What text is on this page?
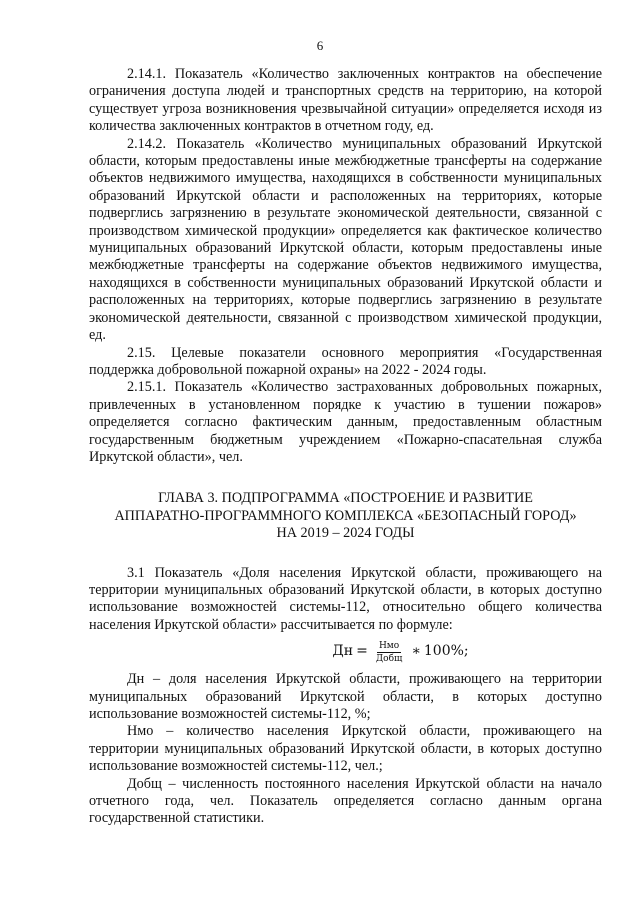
6

2.14.1. Показатель «Количество заключенных контрактов на обеспечение ограничения доступа людей и транспортных средств на территорию, на которой существует угроза возникновения чрезвычайной ситуации» определяется исходя из количества заключенных контрактов в отчетном году, ед.

2.14.2. Показатель «Количество муниципальных образований Иркутской области, которым предоставлены иные межбюджетные трансферты на содержание объектов недвижимого имущества, находящихся в собственности муниципальных образований Иркутской области и расположенных на территориях, которые подверглись загрязнению в результате экономической деятельности, связанной с производством химической продукции» определяется как фактическое количество муниципальных образований Иркутской области, которым предоставлены иные межбюджетные трансферты на содержание объектов недвижимого имущества, находящихся в собственности муниципальных образований Иркутской области и расположенных на территориях, которые подверглись загрязнению в результате экономической деятельности, связанной с производством химической продукции, ед.

2.15. Целевые показатели основного мероприятия «Государственная поддержка добровольной пожарной охраны» на 2022 - 2024 годы.

2.15.1. Показатель «Количество застрахованных добровольных пожарных, привлеченных в установленном порядке к участию в тушении пожаров» определяется согласно фактическим данным, предоставленным областным государственным бюджетным учреждением «Пожарно-спасательная служба Иркутской области», чел.

ГЛАВА 3. ПОДПРОГРАММА «ПОСТРОЕНИЕ И РАЗВИТИЕ
АППАРАТНО-ПРОГРАММНОГО КОМПЛЕКСА «БЕЗОПАСНЫЙ ГОРОД»
НА 2019 – 2024 ГОДЫ

3.1 Показатель «Доля населения Иркутской области, проживающего на территории муниципальных образований Иркутской области, в которых доступно использование возможностей системы-112, относительно общего количества населения Иркутской области» рассчитывается по формуле:

Дн = $\frac{\text{Нмо}}{\text{Добщ}}$ ∗ 100%;

Дн – доля населения Иркутской области, проживающего на территории муниципальных образований Иркутской области, в которых доступно использование возможностей системы-112, %;

Нмо – количество населения Иркутской области, проживающего на территории муниципальных образований Иркутской области, в которых доступно использование возможностей системы-112, чел.;

Добщ – численность постоянного населения Иркутской области на начало отчетного года, чел. Показатель определяется согласно данным органа государственной статистики.
